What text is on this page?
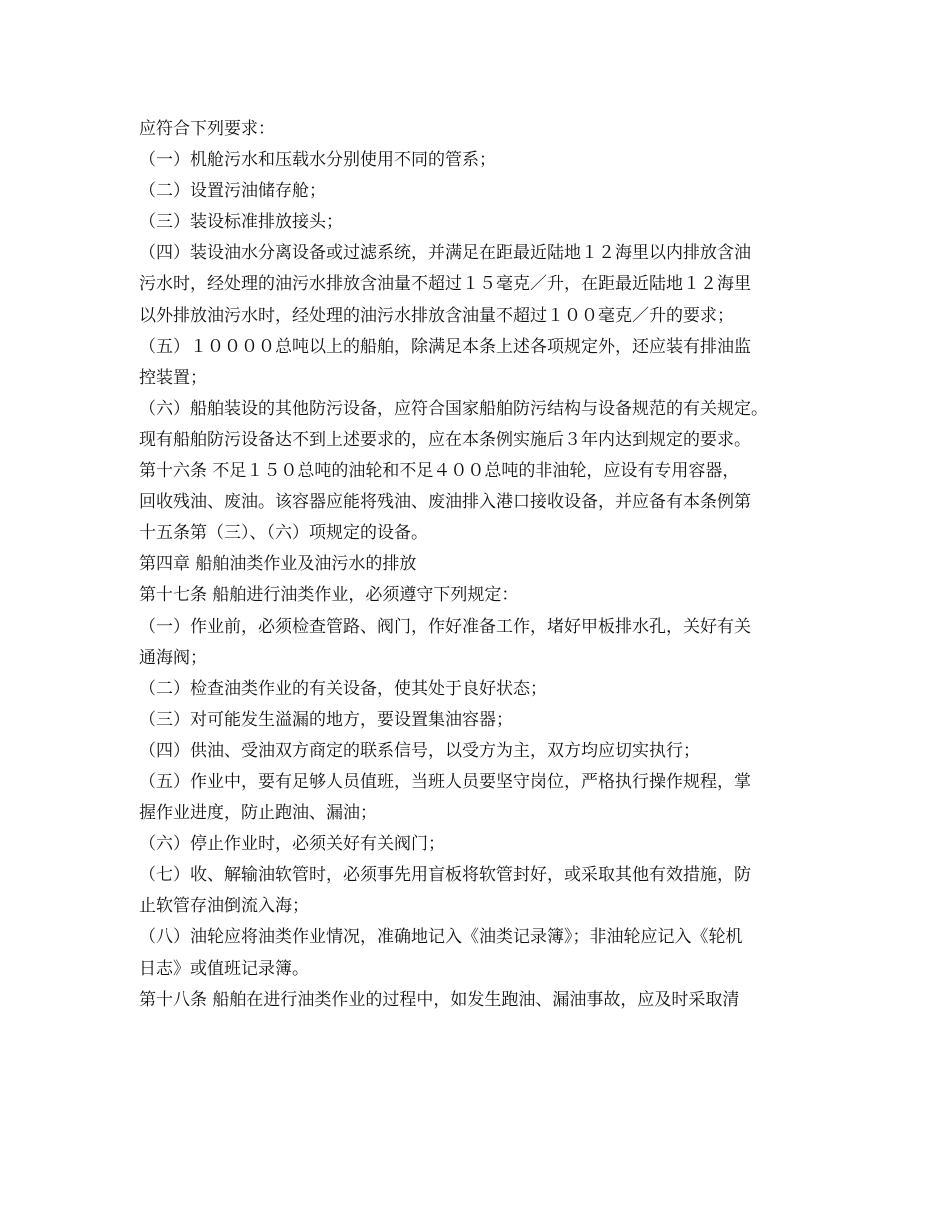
应符合下列要求：
（一）机舱污水和压载水分别使用不同的管系；
（二）设置污油储存舱；
（三）装设标准排放接头；
（四）装设油水分离设备或过滤系统，并满足在距最近陆地１２海里以内排放含油
污水时，经处理的油污水排放含油量不超过１５毫克／升，在距最近陆地１２海里
以外排放油污水时，经处理的油污水排放含油量不超过１００毫克／升的要求；
（五）１００００总吨以上的船舶，除满足本条上述各项规定外，还应装有排油监
控装置；
（六）船舶装设的其他防污设备，应符合国家船舶防污结构与设备规范的有关规定。
现有船舶防污设备达不到上述要求的，应在本条例实施后３年内达到规定的要求。
第十六条 不足１５０总吨的油轮和不足４００总吨的非油轮，应设有专用容器，
回收残油、废油。该容器应能将残油、废油排入港口接收设备，并应备有本条例第
十五条第（三）、（六）项规定的设备。
第四章 船舶油类作业及油污水的排放
第十七条 船舶进行油类作业，必须遵守下列规定：
（一）作业前，必须检查管路、阀门，作好准备工作，堵好甲板排水孔，关好有关
通海阀；
（二）检查油类作业的有关设备，使其处于良好状态；
（三）对可能发生溢漏的地方，要设置集油容器；
（四）供油、受油双方商定的联系信号，以受方为主，双方均应切实执行；
（五）作业中，要有足够人员值班，当班人员要坚守岗位，严格执行操作规程，掌
握作业进度，防止跑油、漏油；
（六）停止作业时，必须关好有关阀门；
（七）收、解输油软管时，必须事先用盲板将软管封好，或采取其他有效措施，防
止软管存油倒流入海；
（八）油轮应将油类作业情况，准确地记入《油类记录簿》；非油轮应记入《轮机
日志》或值班记录簿。
第十八条 船舶在进行油类作业的过程中，如发生跑油、漏油事故，应及时采取清
